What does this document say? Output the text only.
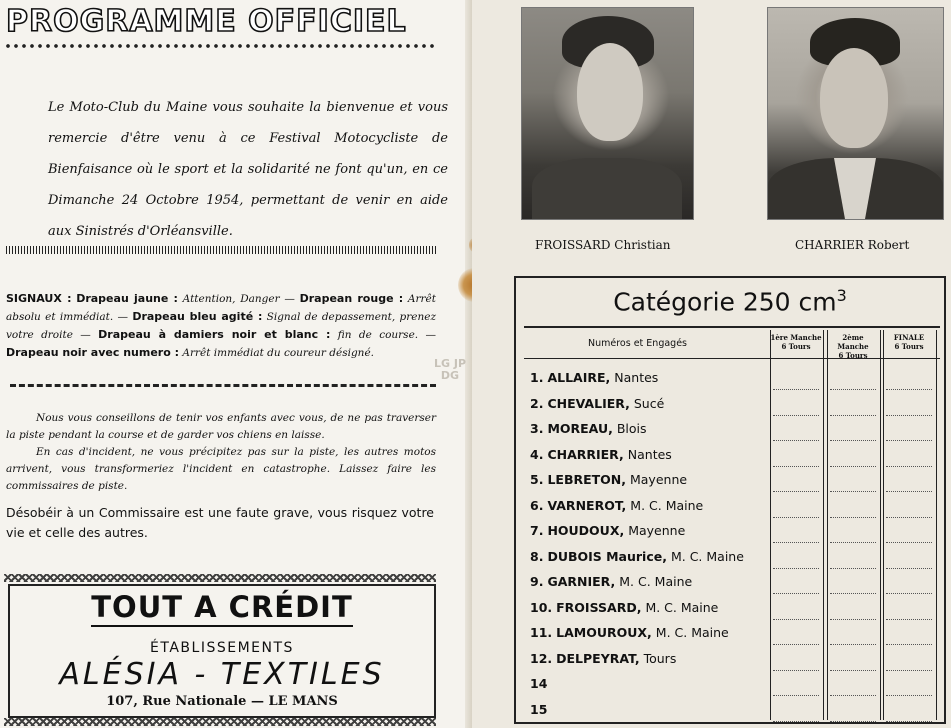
PROGRAMME OFFICIEL
Le Moto-Club du Maine vous souhaite la bienvenue et vous remercie d'être venu à ce Festival Motocycliste de Bienfaisance où le sport et la solidarité ne font qu'un, en ce Dimanche 24 Octobre 1954, permettant de venir en aide aux Sinistrés d'Orléansville.
SIGNAUX : Drapeau jaune : Attention, Danger — Drapean rouge : Arrêt absolu et immédiat. — Drapeau bleu agité : Signal de depassement, prenez votre droite — Drapeau à damiers noir et blanc : fin de course. — Drapeau noir avec numero : Arrêt immédiat du coureur désigné.

Nous vous conseillons de tenir vos enfants avec vous, de ne pas traverser la piste pendant la course et de garder vos chiens en laisse.

En cas d'incident, ne vous précipitez pas sur la piste, les autres motos arrivent, vous transformeriez l'incident en catastrophe. Laissez faire les commissaires de piste.

Désobéir à un Commissaire est une faute grave, vous risquez votre vie et celle des autres.
TOUT A CRÉDIT
ÉTABLISSEMENTS
ALÉSIA - TEXTILES
107, Rue Nationale — LE MANS
LG JP DG
FROISSARD Christian	CHARRIER Robert
Catégorie 250 $cm^3$
Numéros et Engagés
1ère Manche
6 Tours
2ème Manche
6 Tours
FINALE
6 Tours
1. ALLAIRE, Nantes
2. CHEVALIER, Sucé
3. MOREAU, Blois
4. CHARRIER, Nantes
5. LEBRETON, Mayenne
6. VARNEROT, M. C. Maine
7. HOUDOUX, Mayenne
8. DUBOIS Maurice, M. C. Maine
9. GARNIER, M. C. Maine
10. FROISSARD, M. C. Maine
11. LAMOUROUX, M. C. Maine
12. DELPEYRAT, Tours
14
15
